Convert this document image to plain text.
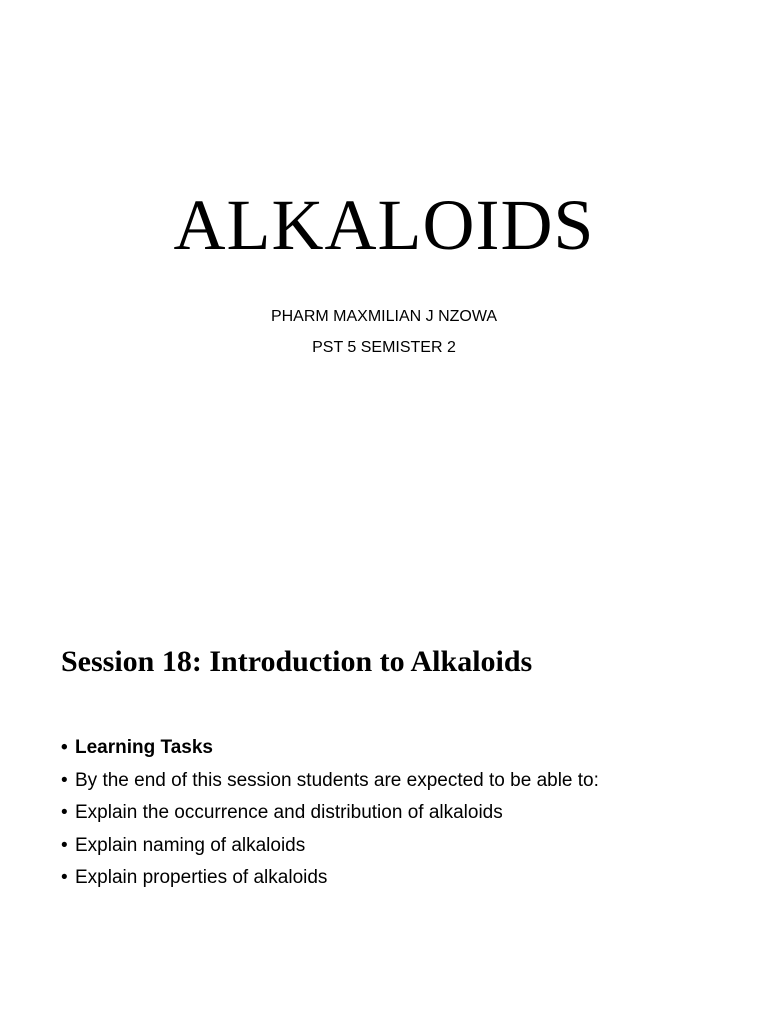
ALKALOIDS

PHARM MAXMILIAN J NZOWA

PST 5 SEMISTER 2

Session 18: Introduction to Alkaloids
• Learning Tasks
• By the end of this session students are expected to be able to:
• Explain the occurrence and distribution of alkaloids
• Explain naming of alkaloids
• Explain properties of alkaloids
